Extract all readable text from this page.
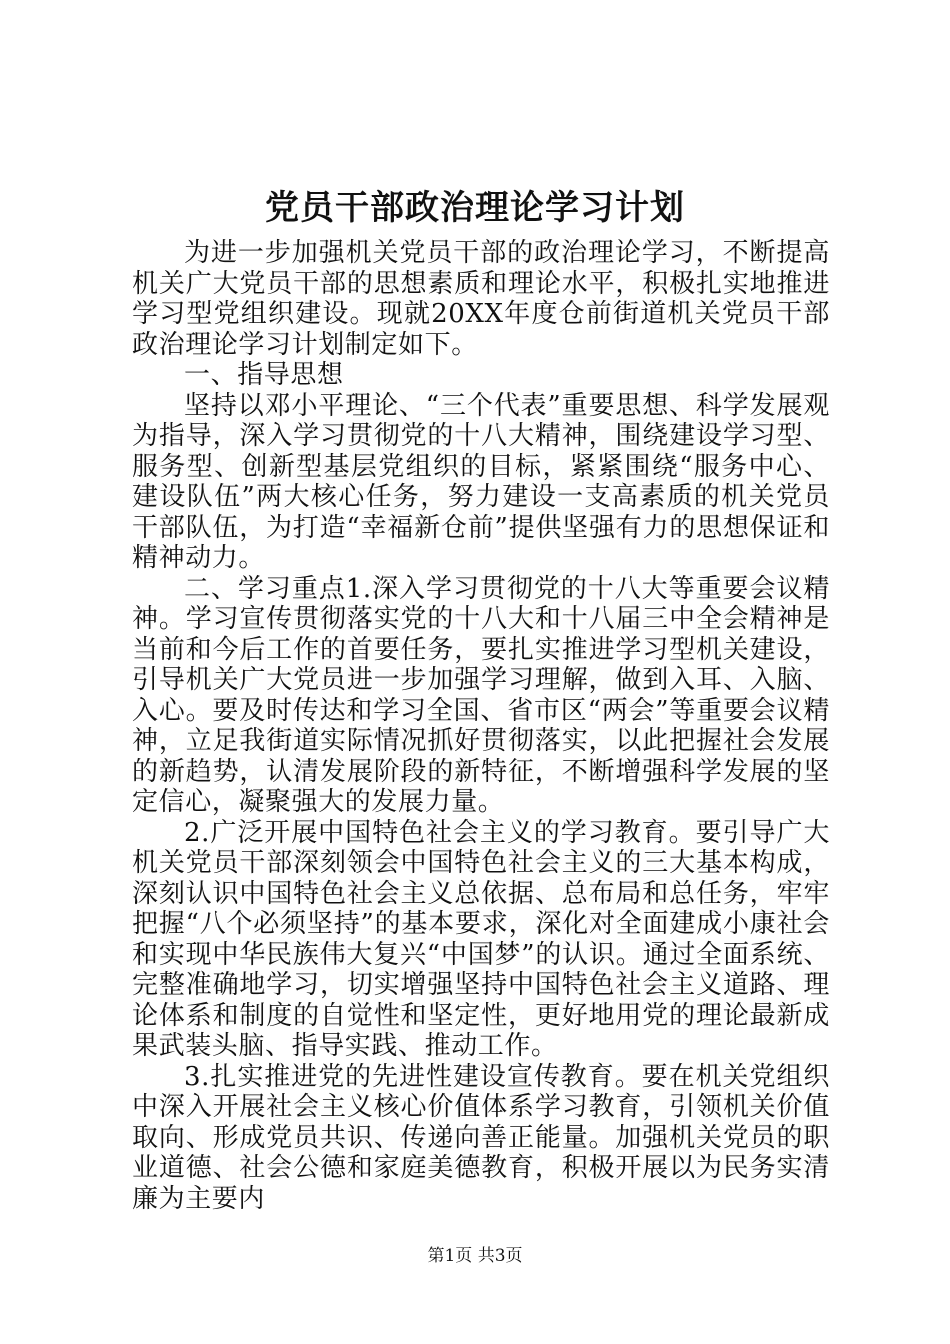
党员干部政治理论学习计划

为进一步加强机关党员干部的政治理论学习，不断提高机关广大党员干部的思想素质和理论水平，积极扎实地推进学习型党组织建设。现就20XX年度仓前街道机关党员干部政治理论学习计划制定如下。

一、指导思想

坚持以邓小平理论、“三个代表”重要思想、科学发展观为指导，深入学习贯彻党的十八大精神，围绕建设学习型、服务型、创新型基层党组织的目标，紧紧围绕“服务中心、建设队伍”两大核心任务，努力建设一支高素质的机关党员干部队伍，为打造“幸福新仓前”提供坚强有力的思想保证和精神动力。

二、学习重点1.深入学习贯彻党的十八大等重要会议精神。学习宣传贯彻落实党的十八大和十八届三中全会精神是当前和今后工作的首要任务，要扎实推进学习型机关建设，引导机关广大党员进一步加强学习理解，做到入耳、入脑、入心。要及时传达和学习全国、省市区“两会”等重要会议精神，立足我街道实际情况抓好贯彻落实，以此把握社会发展的新趋势，认清发展阶段的新特征，不断增强科学发展的坚定信心，凝聚强大的发展力量。

2.广泛开展中国特色社会主义的学习教育。要引导广大机关党员干部深刻领会中国特色社会主义的三大基本构成，深刻认识中国特色社会主义总依据、总布局和总任务，牢牢把握“八个必须坚持”的基本要求，深化对全面建成小康社会和实现中华民族伟大复兴“中国梦”的认识。通过全面系统、完整准确地学习，切实增强坚持中国特色社会主义道路、理论体系和制度的自觉性和坚定性，更好地用党的理论最新成果武装头脑、指导实践、推动工作。

3.扎实推进党的先进性建设宣传教育。要在机关党组织中深入开展社会主义核心价值体系学习教育，引领机关价值取向、形成党员共识、传递向善正能量。加强机关党员的职业道德、社会公德和家庭美德教育，积极开展以为民务实清廉为主要内

第1页 共3页
